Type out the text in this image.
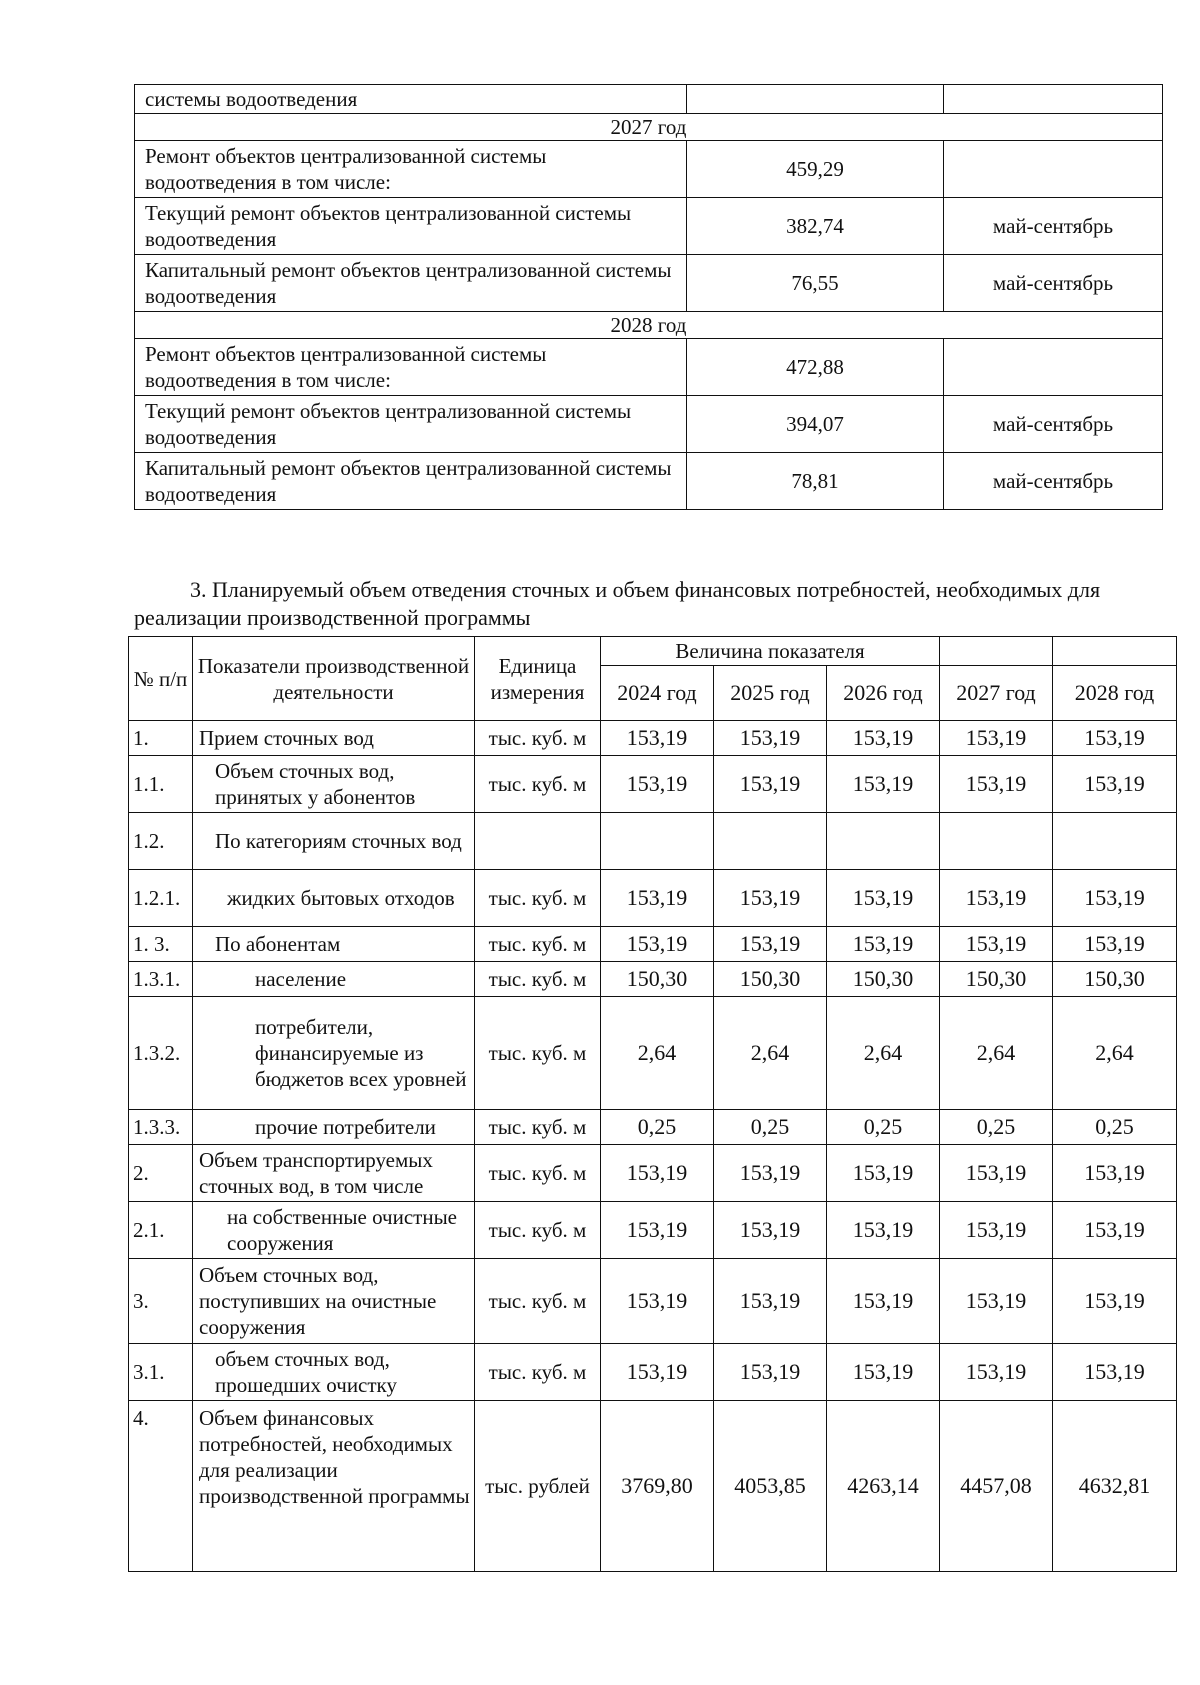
системы водоотведения		
2027 год		
Ремонт объектов централизованной системы водоотведения в том числе:	459,29	
Текущий ремонт объектов централизованной системы водоотведения	382,74	май-сентябрь
Капитальный ремонт объектов централизованной системы водоотведения	76,55	май-сентябрь
2028 год		
Ремонт объектов централизованной системы водоотведения в том числе:	472,88	
Текущий ремонт объектов централизованной системы водоотведения	394,07	май-сентябрь
Капитальный ремонт объектов централизованной системы водоотведения	78,81	май-сентябрь

3. Планируемый объем отведения сточных и объем финансовых потребностей, необходимых для реализации производственной программы

№ п/п	Показатели производственной деятельности	Единица измерения	Величина показателя				
			2024 год	2025 год	2026 год	2027 год	2028 год
1.	Прием сточных вод	тыс. куб. м	153,19	153,19	153,19	153,19	153,19
1.1.	Объем сточных вод, принятых у абонентов	тыс. куб. м	153,19	153,19	153,19	153,19	153,19
1.2.	По категориям сточных вод						
1.2.1.	жидких бытовых отходов	тыс. куб. м	153,19	153,19	153,19	153,19	153,19
1. 3.	По абонентам	тыс. куб. м	153,19	153,19	153,19	153,19	153,19
1.3.1.	население	тыс. куб. м	150,30	150,30	150,30	150,30	150,30
1.3.2.	потребители, финансируемые из бюджетов всех уровней	тыс. куб. м	2,64	2,64	2,64	2,64	2,64
1.3.3.	прочие потребители	тыс. куб. м	0,25	0,25	0,25	0,25	0,25
2.	Объем транспортируемых сточных вод, в том числе	тыс. куб. м	153,19	153,19	153,19	153,19	153,19
2.1.	на собственные очистные сооружения	тыс. куб. м	153,19	153,19	153,19	153,19	153,19
3.	Объем сточных вод, поступивших на очистные сооружения	тыс. куб. м	153,19	153,19	153,19	153,19	153,19
3.1.	объем сточных вод, прошедших очистку	тыс. куб. м	153,19	153,19	153,19	153,19	153,19
4.	Объем финансовых потребностей, необходимых для реализации производственной программы	тыс. рублей	3769,80	4053,85	4263,14	4457,08	4632,81
